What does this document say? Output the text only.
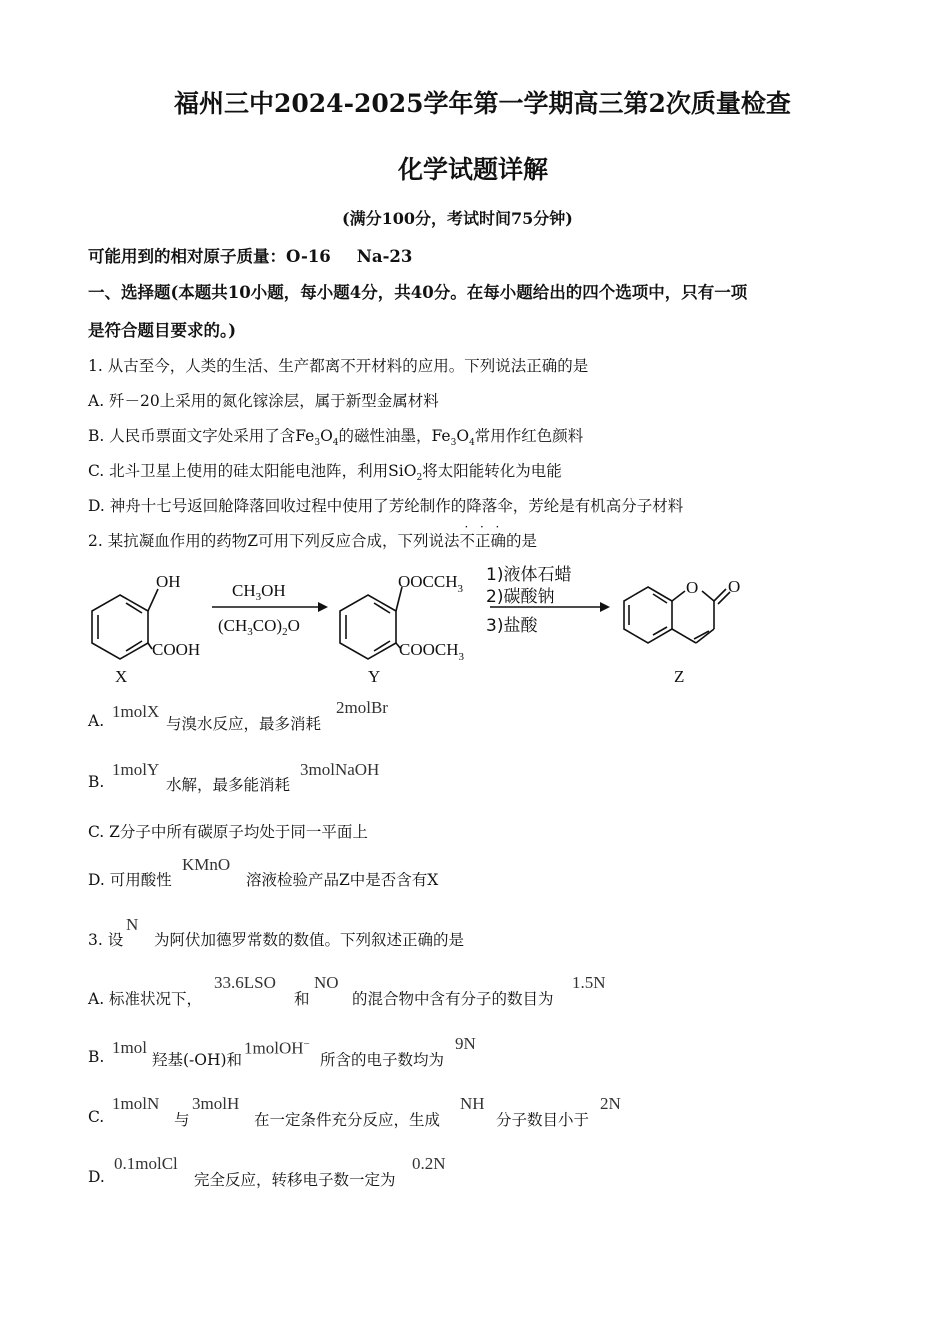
福州三中2024-2025学年第一学期高三第2次质量检查
化学试题详解
(满分100分，考试时间75分钟)
可能用到的相对原子质量：O-16 Na-23
一、选择题(本题共10小题，每小题4分，共40分。在每小题给出的四个选项中，只有一项
是符合题目要求的。)
1. 从古至今，人类的生活、生产都离不开材料的应用。下列说法正确的是
A. 歼－20上采用的氮化镓涂层，属于新型金属材料
B. 人民币票面文字处采用了含$Fe_3O_4$的磁性油墨，$Fe_3O_4$常用作红色颜料
C. 北斗卫星上使用的硅太阳能电池阵，利用SiO$_2$将太阳能转化为电能
D. 神舟十七号返回舱降落回收过程中使用了芳纶制作的降落伞，芳纶是有机高分子材料
2. 某抗凝血作用的药物Z可用下列反应合成，下列说法
·
不
·
正
·
确的是
OH
COOH
$CH_3OH$
$(CH_3CO)_2O$
$OOCCH_3$
$COOCH_3$
1)液体石蜡
2)碳酸钠
3)盐酸
O O
X	Y	Z
A. 1molX
与溴水反应，最多消耗
2molBr
B.
1molY
水解，最多能消耗
3molNaOH
C. Z分子中所有碳原子均处于同一平面上
D. 可用酸性
KMnO
溶液检验产品Z中是否含有X
3. 设
N
为阿伏加德罗常数的数值。下列叙述正确的是
A. 标准状况下，
33.6LSO
和
NO
的混合物中含有分子的数目为
1.5N
B. 1mol
羟基(-OH)和
1molOH−
所含的电子数均为
9N
C.
1molN
与
3molH
在一定条件充分反应，生成
NH
分子数目小于
2N
D.
0.1molCl
完全反应，转移电子数一定为
0.2N
